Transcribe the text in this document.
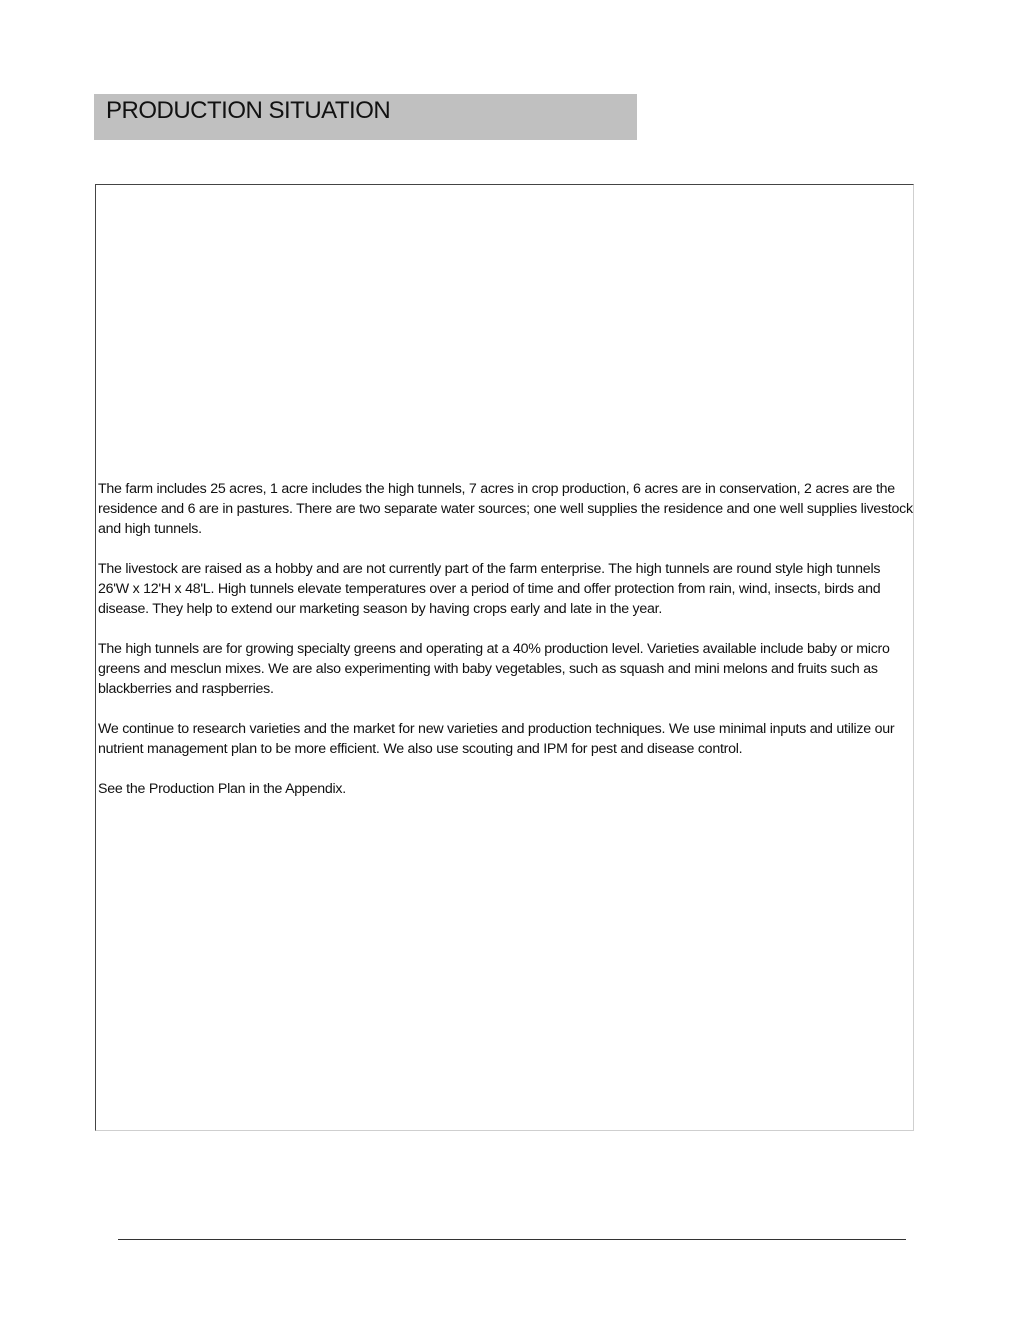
PRODUCTION SITUATION

The farm includes 25 acres, 1 acre includes the high tunnels, 7 acres in crop production, 6 acres are in conservation, 2 acres are the residence and 6 are in pastures. There are two separate water sources; one well supplies the residence and one well supplies livestock and high tunnels.

The livestock are raised as a hobby and are not currently part of the farm enterprise. The high tunnels are round style high tunnels 26'W x 12'H x 48'L. High tunnels elevate temperatures over a period of time and offer protection from rain, wind, insects, birds and disease. They help to extend our marketing season by having crops early and late in the year.

The high tunnels are for growing specialty greens and operating at a 40% production level. Varieties available include baby or micro greens and mesclun mixes. We are also experimenting with baby vegetables, such as squash and mini melons and fruits such as blackberries and raspberries.

We continue to research varieties and the market for new varieties and production techniques. We use minimal inputs and utilize our nutrient management plan to be more efficient. We also use scouting and IPM for pest and disease control.

See the Production Plan in the Appendix.
